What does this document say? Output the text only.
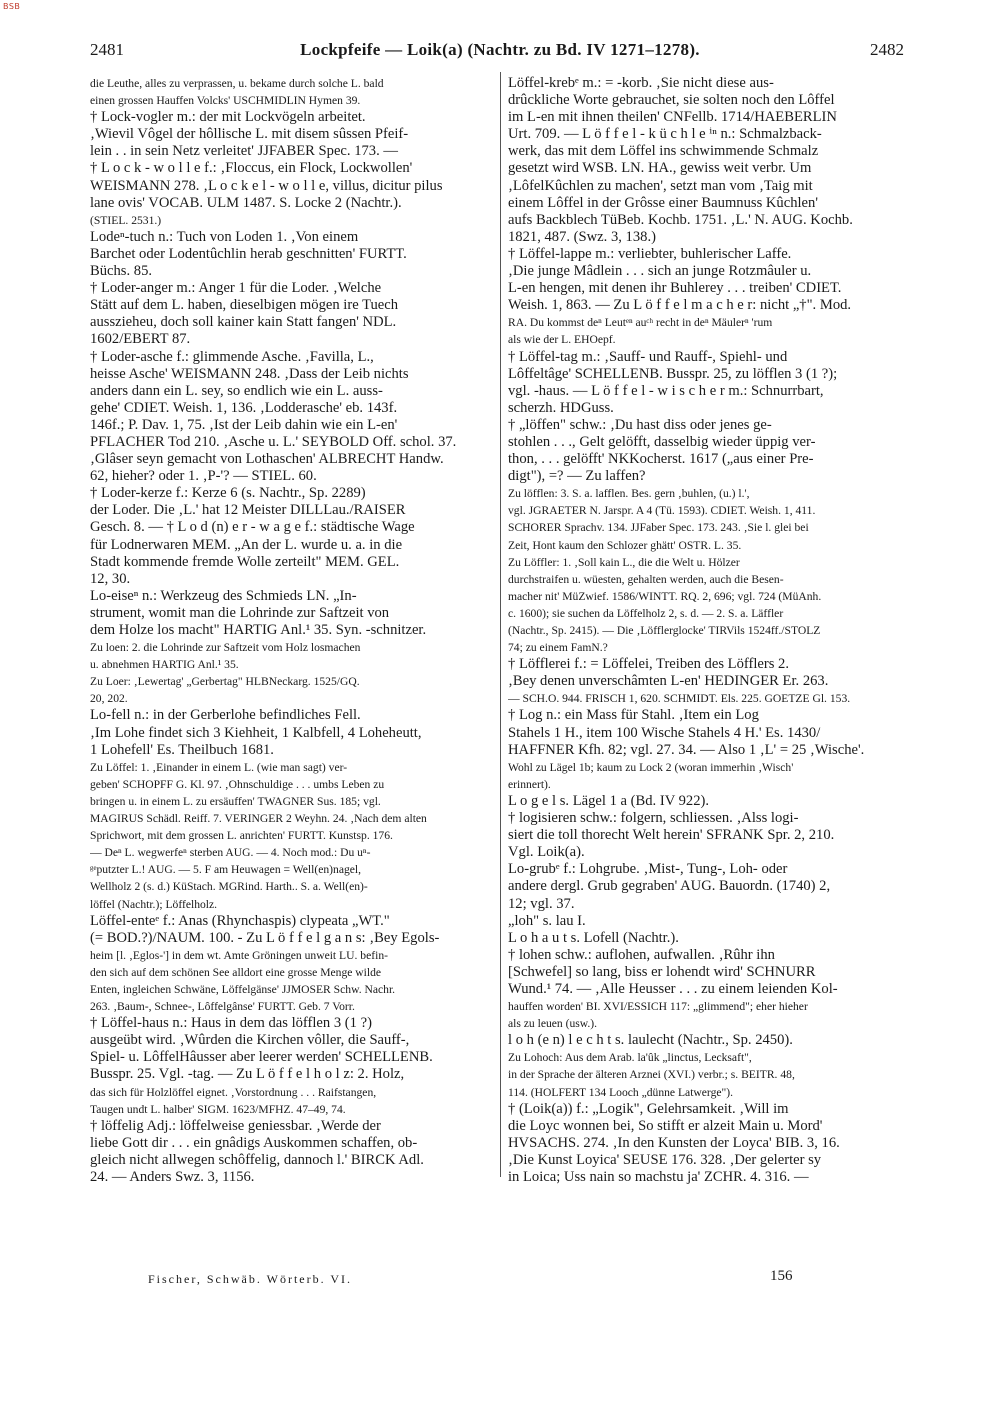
BSB
2481	Lockpfeife — Loik(a) (Nachtr. zu Bd. IV 1271–1278).	2482
die Leuthe, alles zu verprassen, u. bekame durch solche L. bald
einen grossen Hauffen Volcks' USCHMIDLIN Hymen 39.
† Lock-vogler m.: der mit Lockvögeln arbeitet.
‚Wievil Vôgel der hôllische L. mit disem sûssen Pfeif-
lein . . in sein Netz verleitet' JJFABER Spec. 173. —
† L o c k - w o l l e f.: ‚Floccus, ein Flock, Lockwollen'
WEISMANN 278. ‚L o c k e l - w o l l e, villus, dicitur pilus
lane ovis' VOCAB. ULM 1487. S. Locke 2 (Nachtr.).
(STIEL. 2531.)
Lodeⁿ-tuch n.: Tuch von Loden 1. ‚Von einem
Barchet oder Lodentûchlin herab geschnitten' FURTT.
Büchs. 85.
† Loder-anger m.: Anger 1 für die Loder. ‚Welche
Stätt auf dem L. haben, dieselbigen mögen ire Tuech
ausszieheu, doch soll kainer kain Statt fangen' NDL.
1602/EBERT 87.
† Loder-asche f.: glimmende Asche. ‚Favilla, L.,
heisse Asche' WEISMANN 248. ‚Dass der Leib nichts
anders dann ein L. sey, so endlich wie ein L. auss-
gehe' CDIET. Weish. 1, 136. ‚Lodderasche' eb. 143f.
146f.; P. Dav. 1, 75. ‚Ist der Leib dahin wie ein L-en'
PFLACHER Tod 210. ‚Asche u. L.' SEYBOLD Off. schol. 37.
‚Glâser seyn gemacht von Lothaschen' ALBRECHT Handw.
62, hieher? oder 1. ‚P-'? — STIEL. 60.
† Loder-kerze f.: Kerze 6 (s. Nachtr., Sp. 2289)
der Loder. Die ‚L.' hat 12 Meister DILLLau./RAISER
Gesch. 8. — † L o d (n) e r - w a g e f.: städtische Wage
für Lodnerwaren MEM. „An der L. wurde u. a. in die
Stadt kommende fremde Wolle zerteilt" MEM. GEL.
12, 30.
Lo-eiseⁿ n.: Werkzeug des Schmieds LN. „In-
strument, womit man die Lohrinde zur Saftzeit von
dem Holze los macht" HARTIG Anl.¹ 35. Syn. -schnitzer.
Zu loen: 2. die Lohrinde zur Saftzeit vom Holz losmachen
u. abnehmen HARTIG Anl.¹ 35.
Zu Loer: ‚Lewertag' „Gerbertag" HLBNeckarg. 1525/GQ.
20, 202.
Lo-fell n.: in der Gerberlohe befindliches Fell.
‚Im Lohe findet sich 3 Kiehheit, 1 Kalbfell, 4 Loheheutt,
1 Lohefell' Es. Theilbuch 1681.
Zu Löffel: 1. ‚Einander in einem L. (wie man sagt) ver-
geben' SCHOPFF G. Kl. 97. ‚Ohnschuldige . . . umbs Leben zu
bringen u. in einem L. zu ersäuffen' TWAGNER Sus. 185; vgl.
MAGIRUS Schädl. Reiff. 7. VERINGER 2 Weyhn. 24. ‚Nach dem alten
Sprichwort, mit dem grossen L. anrichten' FURTT. Kunstsp. 176.
— Deⁿ L. wegwerfeⁿ sterben AUG. — 4. Noch mod.: Du uⁿ-
ᵍᵉputzter L.! AUG. — 5. F am Heuwagen = Well(en)nagel,
Wellholz 2 (s. d.) KüStach. MGRind. Harth.. S. a. Well(en)-
löffel (Nachtr.); Löffelholz.
Löffel-enteᵉ f.: Anas (Rhynchaspis) clypeata „WT."
(= BOD.?)/NAUM. 100. - Zu L ö f f e l g a n s: ‚Bey Egols-
heim [l. ‚Eglos-'] in dem wt. Amte Gröningen unweit LU. befin-
den sich auf dem schönen See alldort eine grosse Menge wilde
Enten, ingleichen Schwäne, Löffelgänse' JJMOSER Schw. Nachr.
263. ‚Baum-, Schnee-, Lôffelgânse' FURTT. Geb. 7 Vorr.
† Löffel-haus n.: Haus in dem das löfflen 3 (1 ?)
ausgeübt wird. ‚Wûrden die Kirchen vôller, die Sauff-,
Spiel- u. LôffelHâusser aber leerer werden' SCHELLENB.
Busspr. 25. Vgl. -tag. — Zu L ö f f e l h o l z: 2. Holz,
das sich für Holzlöffel eignet. ‚Vorstordnung . . . Raifstangen,
Taugen undt L. halber' SIGM. 1623/MFHZ. 47–49, 74.
† löffelig Adj.: löffelweise geniessbar. ‚Werde der
liebe Gott dir . . . ein gnâdigs Auskommen schaffen, ob-
gleich nicht allwegen schôffelig, dannoch l.' BIRCK Adl.
24. — Anders Swz. 3, 1156.
Löffel-krebᵉ m.: = -korb. ‚Sie nicht diese aus-
drûckliche Worte gebrauchet, sie solten noch den Lôffel
im L-en mit ihnen theilen' CNFellb. 1714/HAEBERLIN
Urt. 709. — L ö f f e l - k ü c h l e ⁱⁿ n.: Schmalzback-
werk, das mit dem Löffel ins schwimmende Schmalz
gesetzt wird WSB. LN. HA., gewiss weit verbr. Um
‚LôfelKûchlen zu machen', setzt man vom ‚Taig mit
einem Lôffel in der Grôsse einer Baumnuss Kûchlen'
aufs Backblech TüBeb. Kochb. 1751. ‚L.' N. AUG. Kochb.
1821, 487. (Swz. 3, 138.)
† Löffel-lappe m.: verliebter, buhlerischer Laffe.
‚Die junge Mâdlein . . . sich an junge Rotzmâuler u.
L-en hengen, mit denen ihr Buhlerey . . . treiben' CDIET.
Weish. 1, 863. — Zu L ö f f e l m a c h e r: nicht „†". Mod.
RA. Du kommst deⁿ Leutᵉⁿ auᶜʰ recht in deⁿ Mäulerⁿ 'rum
als wie der L. EHOepf.
† Löffel-tag m.: ‚Sauff- und Rauff-, Spiehl- und
Lôffeltâge' SCHELLENB. Busspr. 25, zu löfflen 3 (1 ?);
vgl. -haus. — L ö f f e l - w i s c h e r m.: Schnurrbart,
scherzh. HDGuss.
† „löffen" schw.: ‚Du hast diss oder jenes ge-
stohlen . . ., Gelt gelöfft, dasselbig wieder üppig ver-
thon, . . . gelöfft' NKKocherst. 1617 („aus einer Pre-
digt"), =? — Zu laffen?
Zu löfflen: 3. S. a. lafflen. Bes. gern ‚buhlen, (u.) l.',
vgl. JGRAETER N. Jarspr. A 4 (Tü. 1593). CDIET. Weish. 1, 411.
SCHORER Sprachv. 134. JJFaber Spec. 173. 243. ‚Sie l. glei bei
Zeit, Hont kaum den Schlozer ghätt' OSTR. L. 35.
Zu Löffler: 1. ‚Soll kain L., die die Welt u. Hölzer
durchstraifen u. wüesten, gehalten werden, auch die Besen-
macher nit' MüZwief. 1586/WINTT. RQ. 2, 696; vgl. 724 (MüAnh.
c. 1600); sie suchen da Löffelholz 2, s. d. — 2. S. a. Läffler
(Nachtr., Sp. 2415). — Die ‚Löfflerglocke' TIRVils 1524ff./STOLZ
74; zu einem FamN.?
† Löfflerei f.: = Löffelei, Treiben des Löfflers 2.
‚Bey denen unverschâmten L-en' HEDINGER Er. 263.
— SCH.O. 944. FRISCH 1, 620. SCHMIDT. Els. 225. GOETZE Gl. 153.
† Log n.: ein Mass für Stahl. ‚Item ein Log
Stahels 1 H., item 100 Wische Stahels 4 H.' Es. 1430/
HAFFNER Kfh. 82; vgl. 27. 34. — Also 1 ‚L' = 25 ‚Wische'.
Wohl zu Lägel 1b; kaum zu Lock 2 (woran immerhin ‚Wisch'
erinnert).
L o g e l s. Lägel 1 a (Bd. IV 922).
† logisieren schw.: folgern, schliessen. ‚Alss logi-
siert die toll thorecht Welt herein' SFRANK Spr. 2, 210.
Vgl. Loik(a).
Lo-grubᵉ f.: Lohgrube. ‚Mist-, Tung-, Loh- oder
andere dergl. Grub gegraben' AUG. Bauordn. (1740) 2,
12; vgl. 37.
„loh" s. lau I.
L o h a u t s. Lofell (Nachtr.).
† lohen schw.: auflohen, aufwallen. ‚Rûhr ihn
[Schwefel] so lang, biss er lohendt wird' SCHNURR
Wund.¹ 74. — ‚Alle Heusser . . . zu einem leienden Kol-
hauffen worden' BI. XVI/ESSICH 117: „glimmend"; eher hieher
als zu leuen (usw.).
l o h (e n) l e c h t s. laulecht (Nachtr., Sp. 2450).
Zu Lohoch: Aus dem Arab. la'ûk „linctus, Lecksaft",
in der Sprache der älteren Arznei (XVI.) verbr.; s. BEITR. 48,
114. (HOLFERT 134 Looch „dünne Latwerge").
† (Loik(a)) f.: „Logik", Gelehrsamkeit. ‚Will im
die Loyc wonnen bei, So stifft er alzeit Main u. Mord'
HVSACHS. 274. ‚In den Kunsten der Loyca' BIB. 3, 16.
‚Die Kunst Loyica' SEUSE 176. 328. ‚Der gelerter sy
in Loica; Uss nain so machstu ja' ZCHR. 4. 316. —
Fischer, Schwäb. Wörterb. VI.	156
